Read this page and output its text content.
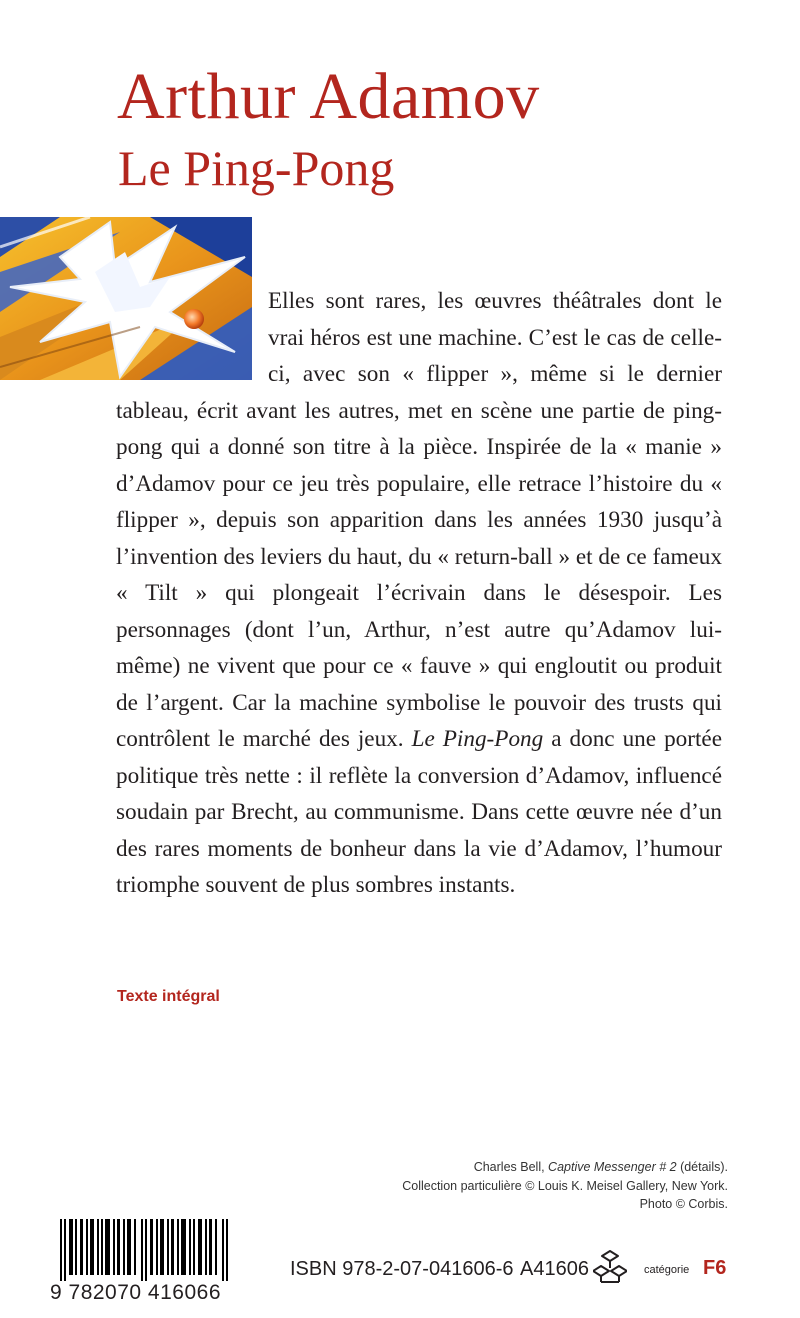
Arthur Adamov
Le Ping-Pong

Elles sont rares, les œuvres théâtrales dont le vrai héros est une machine. C’est le cas de celle-ci, avec son « flipper », même si le dernier tableau, écrit avant les autres, met en scène une partie de ping-pong qui a donné son titre à la pièce. Inspirée de la « manie » d’Adamov pour ce jeu très populaire, elle retrace l’histoire du « flipper », depuis son apparition dans les années 1930 jusqu’à l’invention des leviers du haut, du « return-ball » et de ce fameux « Tilt » qui plongeait l’écrivain dans le désespoir. Les personnages (dont l’un, Arthur, n’est autre qu’Adamov lui-même) ne vivent que pour ce « fauve » qui engloutit ou produit de l’argent. Car la machine symbolise le pouvoir des trusts qui contrôlent le marché des jeux. Le Ping-Pong a donc une portée politique très nette : il reflète la conversion d’Adamov, influencé soudain par Brecht, au communisme. Dans cette œuvre née d’un des rares moments de bonheur dans la vie d’Adamov, l’humour triomphe souvent de plus sombres instants.

Texte intégral
Charles Bell, Captive Messenger # 2 (détails).
Collection particulière © Louis K. Meisel Gallery, New York.
Photo © Corbis.
9 782070 416066
ISBN 978-2-07-041606-6 A41606	catégorie F6
